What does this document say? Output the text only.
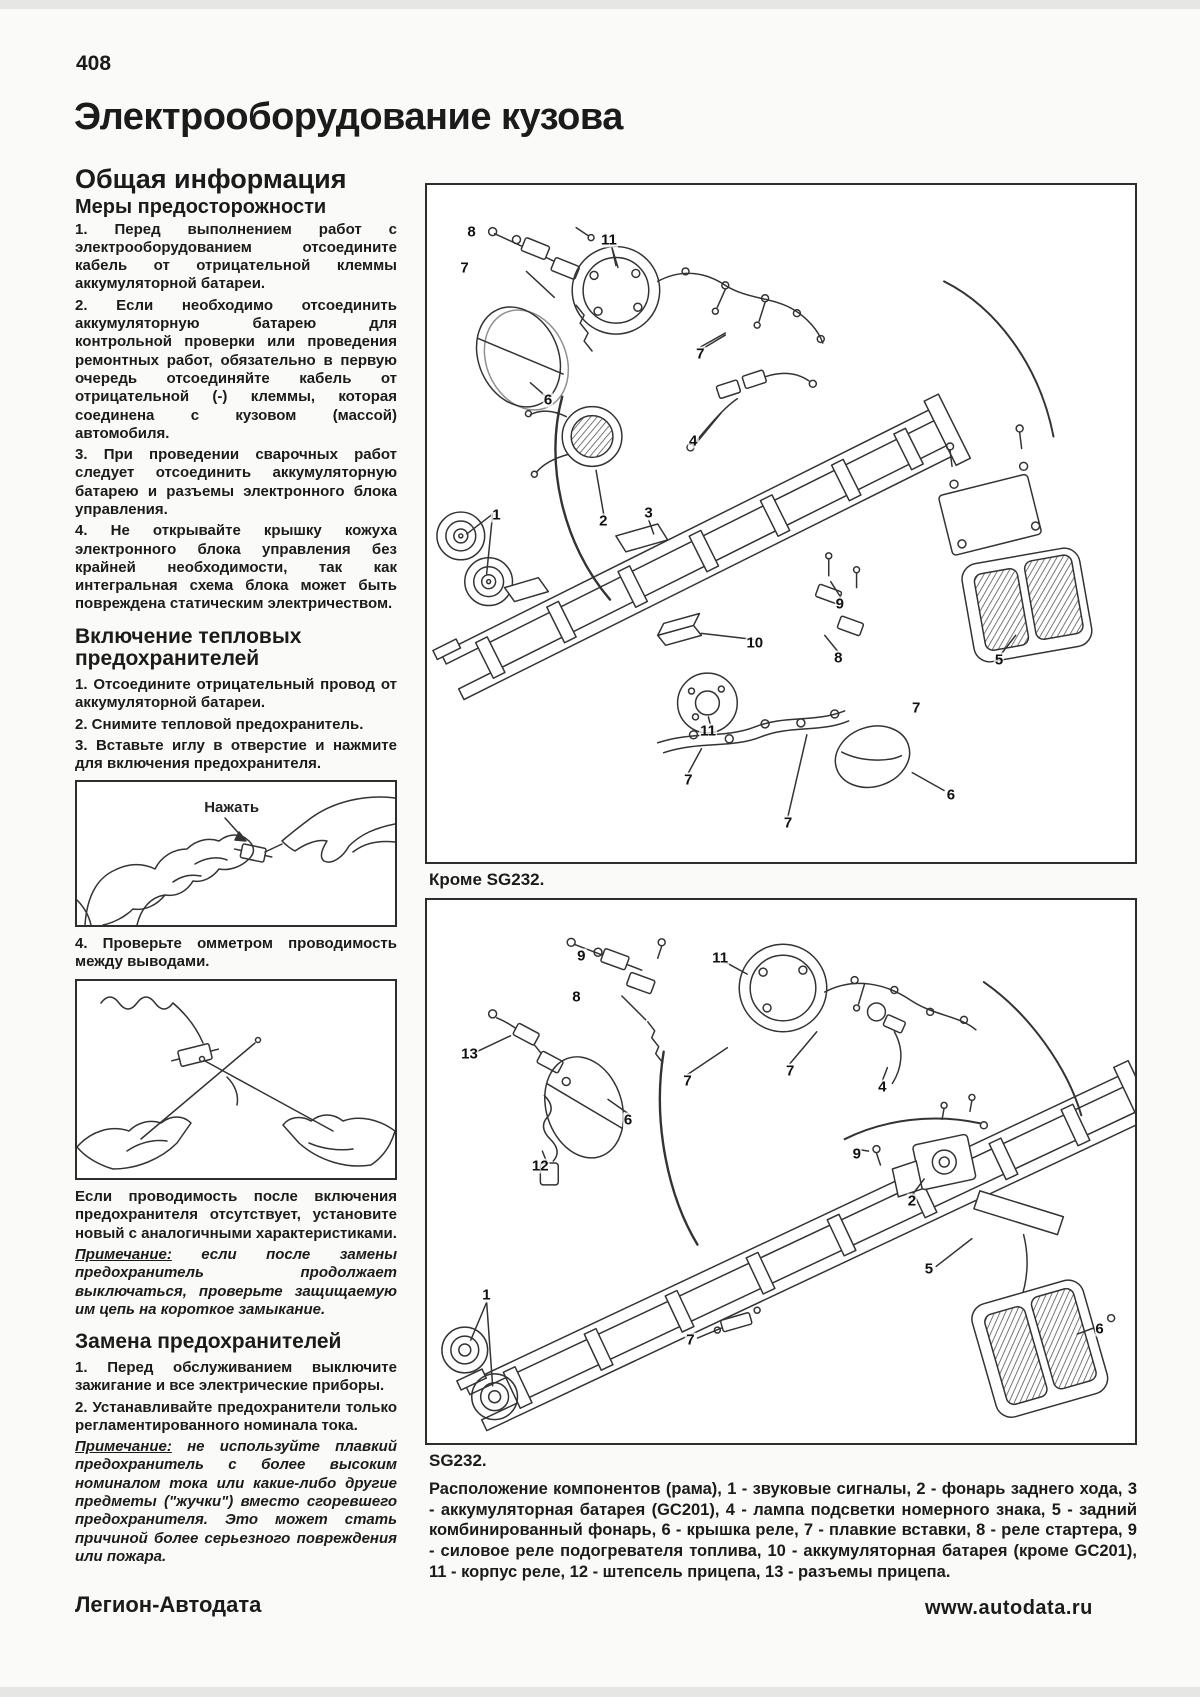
408
Электрооборудование кузова
Общая информация
Меры предосторожности

1. Перед выполнением работ с электрооборудованием отсоедините кабель от отрицательной клеммы аккумуляторной батареи.

2. Если необходимо отсоединить аккумуляторную батарею для контрольной проверки или проведения ремонтных работ, обязательно в первую очередь отсоединяйте кабель от отрицательной (-) клеммы, которая соединена с кузовом (массой) автомобиля.

3. При проведении сварочных работ следует отсоединить аккумуляторную батарею и разъемы электронного блока управления.

4. Не открывайте крышку кожуха электронного блока управления без крайней необходимости, так как интегральная схема блока может быть повреждена статическим электричеством.

Включение тепловых предохранителей

1. Отсоедините отрицательный провод от аккумуляторной батареи.

2. Снимите тепловой предохранитель.

3. Вставьте иглу в отверстие и нажмите для включения предохранителя.

Нажать

4. Проверьте омметром проводимость между выводами.

Если проводимость после включения предохранителя отсутствует, установите новый с аналогичными характеристиками.

Примечание: если после замены предохранитель продолжает выключаться, проверьте защищаемую им цепь на короткое замыкание.

Замена предохранителей

1. Перед обслуживанием выключите зажигание и все электрические приборы.

2. Устанавливайте предохранители только регламентированного номинала тока.

Примечание: не используйте плавкий предохранитель с более высоким номиналом тока или какие-либо другие предметы ("жучки") вместо сгоревшего предохранителя. Это может стать причиной более серьезного повреждения или пожара.

8
7
11
7
6
4
2 3
1
10
9
8
11
7
7
6
7
5
Кроме SG232.
9
8
11
7
7
13
12
6
4
9
2
1
5
6
7
SG232.

Расположение компонентов (рама), 1 - звуковые сигналы, 2 - фонарь заднего хода, 3 - аккумуляторная батарея (GC201), 4 - лампа подсветки номерного знака, 5 - задний комбинированный фонарь, 6 - крышка реле, 7 - плавкие вставки, 8 - реле стартера, 9 - силовое реле подогревателя топлива, 10 - аккумуляторная батарея (кроме GC201), 11 - корпус реле, 12 - штепсель прицепа, 13 - разъемы прицепа.

Легион-Автодата	www.autodata.ru
